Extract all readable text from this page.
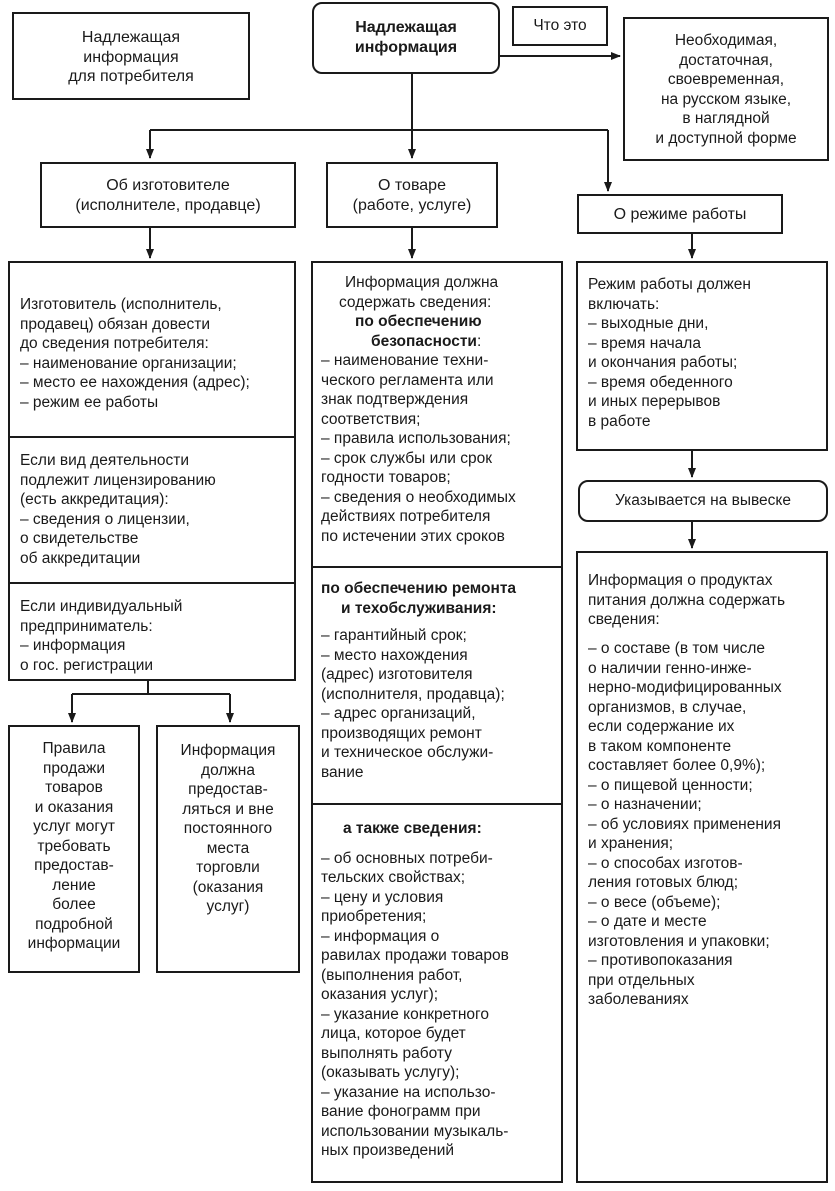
Надлежащая
информация
для потребителя
Надлежащая
информация
Что это
Необходимая,
достаточная,
своевременная,
на русском языке,
в наглядной
и доступной форме
Об изготовителе
(исполнителе, продавце)
О товаре
(работе, услуге)
О режиме работы
Изготовитель (исполнитель,
продавец) обязан довести
до сведения потребителя:
– наименование организации;
– место ее нахождения (адрес);
– режим ее работы
Если вид деятельности
подлежит лицензированию
(есть аккредитация):
– сведения о лицензии,
о свидетельстве
об аккредитации
Если индивидуальный
предприниматель:
– информация
о гос. регистрации
Правила
продажи
товаров
и оказания
услуг могут
требовать
предостав-
ление
более
подробной
информации
Информация
должна
предостав-
ляться и вне
постоянного
места
торговли
(оказания
услуг)
Информация должна
содержать сведения:
по обеспечению
безопасности:
– наименование техни-
ческого регламента или
знак подтверждения
соответствия;
– правила использования;
– срок службы или срок
годности товаров;
– сведения о необходимых
действиях потребителя
по истечении этих сроков
по обеспечению ремонта
и техобслуживания:
– гарантийный срок;
– место нахождения
(адрес) изготовителя
(исполнителя, продавца);
– адрес организаций,
производящих ремонт
и техническое обслужи-
вание
а также сведения:
– об основных потреби-
тельских свойствах;
– цену и условия
приобретения;
– информация о
равилах продажи товаров
(выполнения работ,
оказания услуг);
– указание конкретного
лица, которое будет
выполнять работу
(оказывать услугу);
– указание на использо-
вание фонограмм при
использовании музыкаль-
ных произведений
Режим работы должен
включать:
– выходные дни,
– время начала
и окончания работы;
– время обеденного
и иных перерывов
в работе
Указывается на вывеске
Информация о продуктах
питания должна содержать
сведения:
– о составе (в том числе
о наличии генно-инже-
нерно-модифицированных
организмов, в случае,
если содержание их
в таком компоненте
составляет более 0,9%);
– о пищевой ценности;
– о назначении;
– об условиях применения
и хранения;
– о способах изготов-
ления готовых блюд;
– о весе (объеме);
– о дате и месте
изготовления и упаковки;
– противопоказания
при отдельных
заболеваниях
